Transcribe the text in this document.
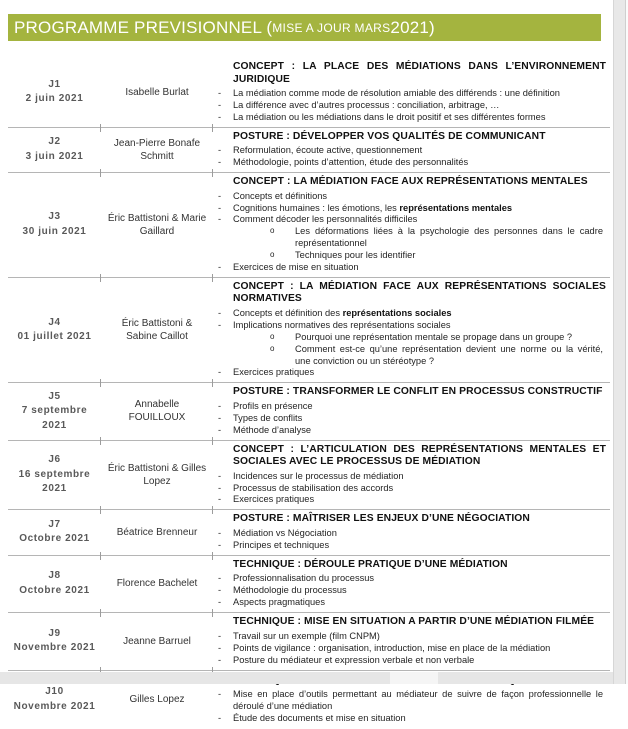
PROGRAMME PREVISIONNEL ( MISE A JOUR MARS 2021)
J1
2 juin 2021
Isabelle Burlat
CONCEPT : LA PLACE DES MÉDIATIONS DANS L’ENVIRONNEMENT JURIDIQUE
- La médiation comme mode de résolution amiable des différends : une définition
- La différence avec d’autres processus : conciliation, arbitrage, …
- La médiation ou les médiations dans le droit positif et ses différentes formes
J2
3 juin 2021
Jean-Pierre Bonafe Schmitt
POSTURE : DÉVELOPPER VOS QUALITÉS DE COMMUNICANT
- Reformulation, écoute active, questionnement
- Méthodologie, points d’attention, étude des personnalités
J3
30 juin 2021
Éric Battistoni & Marie Gaillard
CONCEPT : LA MÉDIATION FACE AUX REPRÉSENTATIONS MENTALES
- Concepts et définitions
- Cognitions humaines : les émotions, les représentations mentales
- Comment décoder les personnalités difficiles
o Les déformations liées à la psychologie des personnes dans le cadre représentationnel
o Techniques pour les identifier
- Exercices de mise en situation
J4
01 juillet 2021
Éric Battistoni & Sabine Caillot
CONCEPT : LA MÉDIATION FACE AUX REPRÉSENTATIONS SOCIALES NORMATIVES
- Concepts et définition des représentations sociales
- Implications normatives des représentations sociales
o Pourquoi une représentation mentale se propage dans un groupe ?
o Comment est-ce qu’une représentation devient une norme ou la vérité, une conviction ou un stéréotype ?
- Exercices pratiques
J5
7 septembre 2021
Annabelle FOUILLOUX
POSTURE : TRANSFORMER LE CONFLIT EN PROCESSUS CONSTRUCTIF
- Profils en présence
- Types de conflits
- Méthode d’analyse
J6
16 septembre 2021
Éric Battistoni & Gilles Lopez
CONCEPT : L’ARTICULATION DES REPRÉSENTATIONS MENTALES ET SOCIALES AVEC LE PROCESSUS DE MÉDIATION
- Incidences sur le processus de médiation
- Processus de stabilisation des accords
- Exercices pratiques
J7
Octobre 2021
Béatrice Brenneur
POSTURE : MAÎTRISER LES ENJEUX D’UNE NÉGOCIATION
- Médiation vs Négociation
- Principes et techniques
J8
Octobre 2021
Florence Bachelet
TECHNIQUE : DÉROULE PRATIQUE D’UNE MÉDIATION
- Professionnalisation du processus
- Méthodologie du processus
- Aspects pragmatiques
J9
Novembre 2021
Jeanne Barruel
TECHNIQUE : MISE EN SITUATION A PARTIR D’UNE MÉDIATION FILMÉE
- Travail sur un exemple (film CNPM)
- Points de vigilance : organisation, introduction, mise en place de la médiation
- Posture du médiateur et expression verbale et non verbale
J10
Novembre 2021
Gilles Lopez
- Mise en place d’outils permettant au médiateur de suivre de façon professionnelle le déroulé d’une médiation
- Étude des documents et mise en situation
